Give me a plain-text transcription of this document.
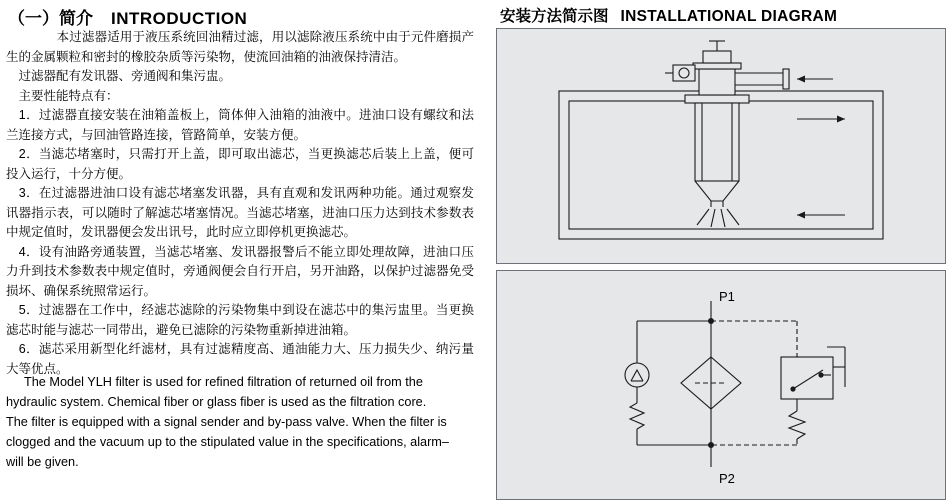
（一）简介 INTRODUCTION

　　　　本过滤器适用于液压系统回油精过滤，用以滤除液压系统中由于元件磨损产生的金属颗粒和密封的橡胶杂质等污染物，使流回油箱的油液保持清洁。

　过滤器配有发讯器、旁通阀和集污盅。

　主要性能特点有：

　1．过滤器直接安装在油箱盖板上，筒体伸入油箱的油液中。进油口设有螺纹和法兰连接方式，与回油管路连接，管路简单，安装方便。

　2．当滤芯堵塞时，只需打开上盖，即可取出滤芯，当更换滤芯后装上上盖，便可投入运行，十分方便。

　3．在过滤器进油口设有滤芯堵塞发讯器，具有直观和发讯两种功能。通过观察发讯器指示表，可以随时了解滤芯堵塞情况。当滤芯堵塞，进油口压力达到技术参数表中规定值时，发讯器便会发出讯号，此时应立即停机更换滤芯。

　4．设有油路旁通装置，当滤芯堵塞、发讯器报警后不能立即处理故障，进油口压力升到技术参数表中规定值时，旁通阀便会自行开启，另开油路，以保护过滤器免受损坏、确保系统照常运行。

　5．过滤器在工作中，经滤芯滤除的污染物集中到设在滤芯中的集污盅里。当更换滤芯时能与滤芯一同带出，避免已滤除的污染物重新掉进油箱。

　6．滤芯采用新型化纤滤材，具有过滤精度高、通油能力大、压力损失少、纳污量大等优点。

The Model YLH filter is used for refined filtration of returned oil from the

hydraulic system. Chemical fiber or glass fiber is used as the filtration core.

The filter is equipped with a signal sender and by-pass valve. When the filter is

clogged and the vacuum up to the stipulated value in the specifications, alarm–

will be given.

安装方法简示图 INSTALLATIONAL DIAGRAM
P1
P2
